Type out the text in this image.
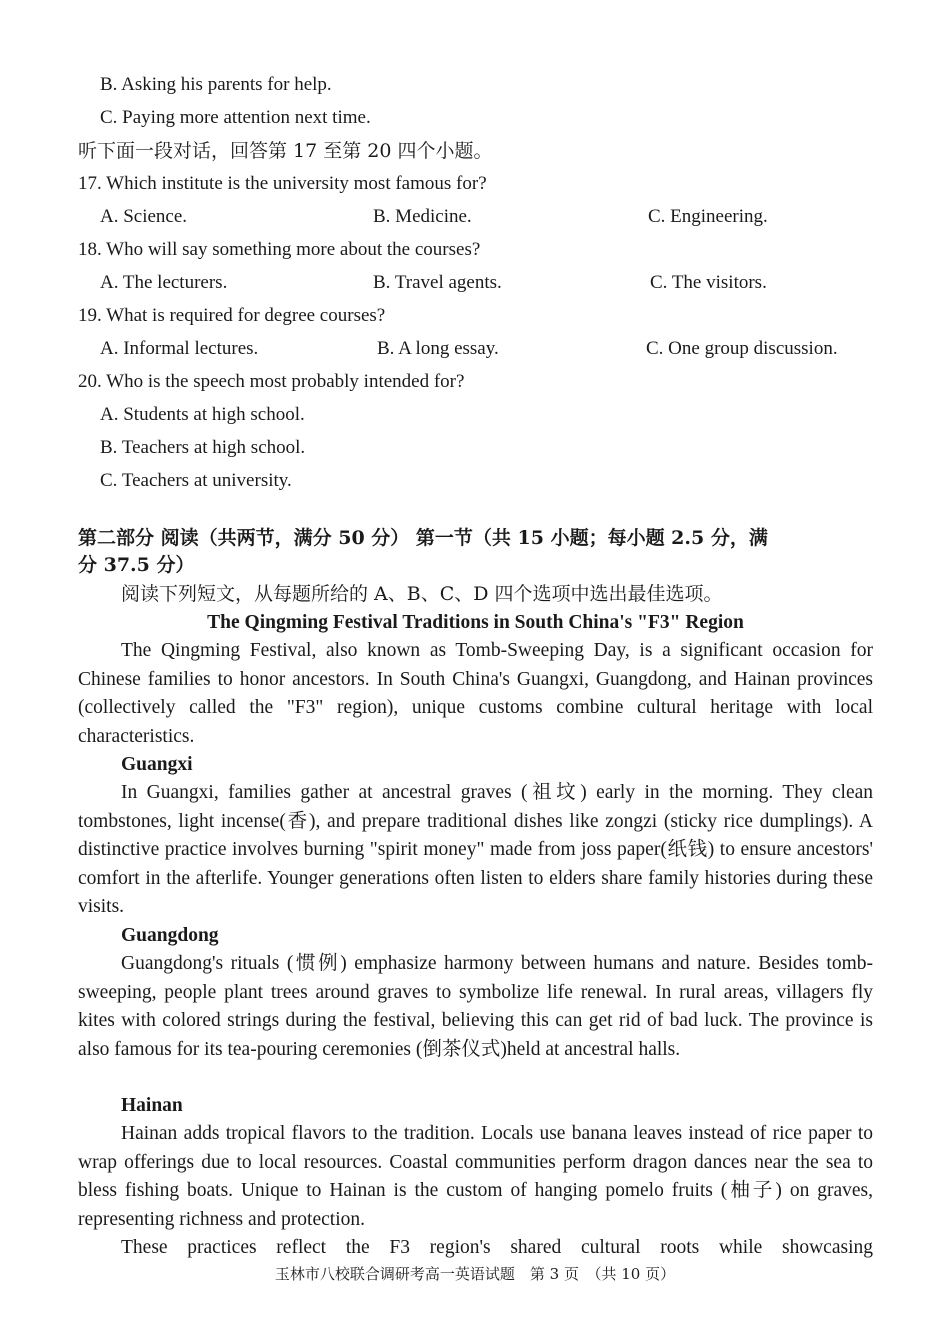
B. Asking his parents for help.
C. Paying more attention next time.
听下面一段对话，回答第 17 至第 20 四个小题。
17. Which institute is the university most famous for?
A. Science.	B. Medicine.	C. Engineering.
18. Who will say something more about the courses?
A. The lecturers.	B. Travel agents.	C. The visitors.
19. What is required for degree courses?
A. Informal lectures.	B. A long essay.	C. One group discussion.
20. Who is the speech most probably intended for?
A. Students at high school.
B. Teachers at high school.
C. Teachers at university.
第二部分 阅读（共两节，满分 50 分） 第一节（共 15 小题；每小题 2.5 分，满
分 37.5 分）
阅读下列短文，从每题所给的 A、B、C、D 四个选项中选出最佳选项。
The Qingming Festival Traditions in South China's "F3" Region

The Qingming Festival, also known as Tomb-Sweeping Day, is a significant occasion for Chinese families to honor ancestors. In South China's Guangxi, Guangdong, and Hainan provinces (collectively called the "F3" region), unique customs combine cultural heritage with local characteristics.

Guangxi

In Guangxi, families gather at ancestral graves (祖坟) early in the morning. They clean tombstones, light incense(香), and prepare traditional dishes like zongzi (sticky rice dumplings). A distinctive practice involves burning "spirit money" made from joss paper(纸钱) to ensure ancestors' comfort in the afterlife. Younger generations often listen to elders share family histories during these visits.

Guangdong

Guangdong's rituals (惯例) emphasize harmony between humans and nature. Besides tomb-sweeping, people plant trees around graves to symbolize life renewal. In rural areas, villagers fly kites with colored strings during the festival, believing this can get rid of bad luck. The province is also famous for its tea-pouring ceremonies (倒茶仪式)held at ancestral halls.

Hainan

Hainan adds tropical flavors to the tradition. Locals use banana leaves instead of rice paper to wrap offerings due to local resources. Coastal communities perform dragon dances near the sea to bless fishing boats. Unique to Hainan is the custom of hanging pomelo fruits (柚子) on graves, representing richness and protection.

These practices reflect the F3 region's shared cultural roots while showcasing

玉林市八校联合调研考高一英语试题　第 3 页　（共 10 页）
